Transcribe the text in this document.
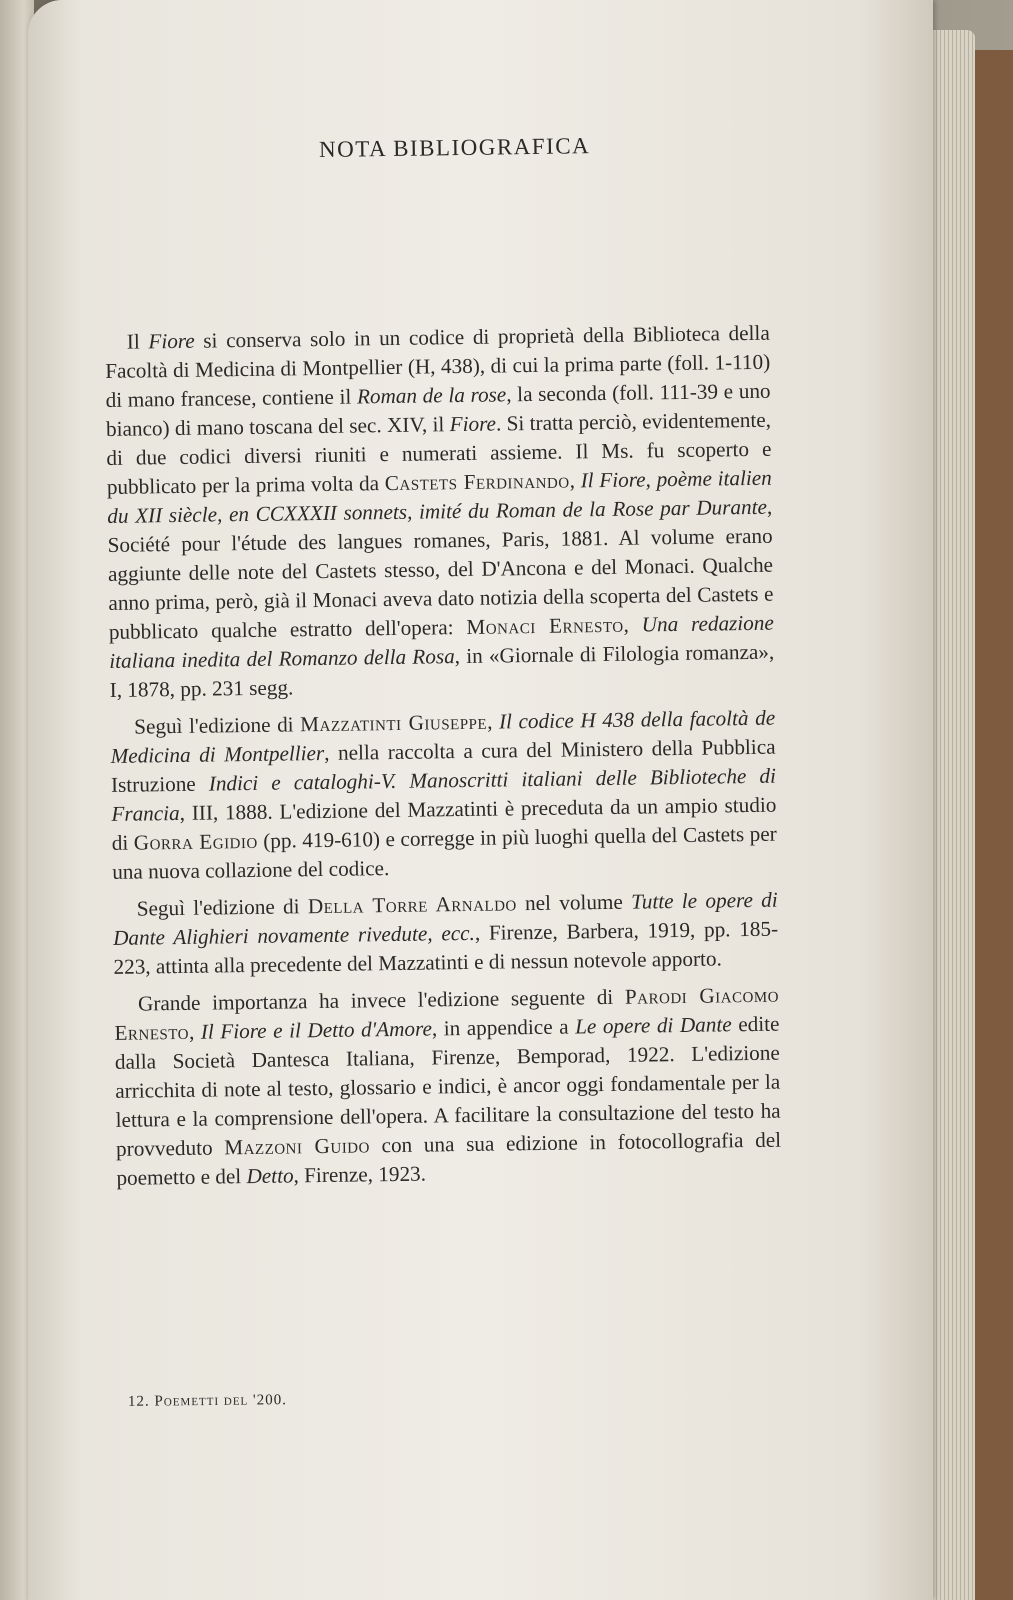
NOTA BIBLIOGRAFICA

Il Fiore si conserva solo in un codice di proprietà della Biblioteca della Facoltà di Medicina di Montpellier (H, 438), di cui la prima parte (foll. 1-110) di mano francese, contiene il Roman de la rose, la seconda (foll. 111-39 e uno bianco) di mano toscana del sec. XIV, il Fiore. Si tratta perciò, evidentemente, di due codici diversi riuniti e numerati assieme. Il Ms. fu scoperto e pubblicato per la prima volta da Castets Ferdinando, Il Fiore, poème italien du XII siècle, en CCXXXII sonnets, imité du Roman de la Rose par Durante, Société pour l'étude des langues romanes, Paris, 1881. Al volume erano aggiunte delle note del Castets stesso, del D'Ancona e del Monaci. Qualche anno prima, però, già il Monaci aveva dato notizia della scoperta del Castets e pubblicato qualche estratto dell'opera: Monaci Ernesto, Una redazione italiana inedita del Romanzo della Rosa, in «Giornale di Filologia romanza», I, 1878, pp. 231 segg.

Seguì l'edizione di Mazzatinti Giuseppe, Il codice H 438 della facoltà de Medicina di Montpellier, nella raccolta a cura del Ministero della Pubblica Istruzione Indici e cataloghi-V. Manoscritti italiani delle Biblioteche di Francia, III, 1888. L'edizione del Mazzatinti è preceduta da un ampio studio di Gorra Egidio (pp. 419-610) e corregge in più luoghi quella del Castets per una nuova collazione del codice.

Seguì l'edizione di Della Torre Arnaldo nel volume Tutte le opere di Dante Alighieri novamente rivedute, ecc., Firenze, Barbera, 1919, pp. 185-223, attinta alla precedente del Mazzatinti e di nessun notevole apporto.

Grande importanza ha invece l'edizione seguente di Parodi Giacomo Ernesto, Il Fiore e il Detto d'Amore, in appendice a Le opere di Dante edite dalla Società Dantesca Italiana, Firenze, Bemporad, 1922. L'edizione arricchita di note al testo, glossario e indici, è ancor oggi fondamentale per la lettura e la comprensione dell'opera. A facilitare la consultazione del testo ha provveduto Mazzoni Guido con una sua edizione in fotocollografia del poemetto e del Detto, Firenze, 1923.

12. Poemetti del '200.
